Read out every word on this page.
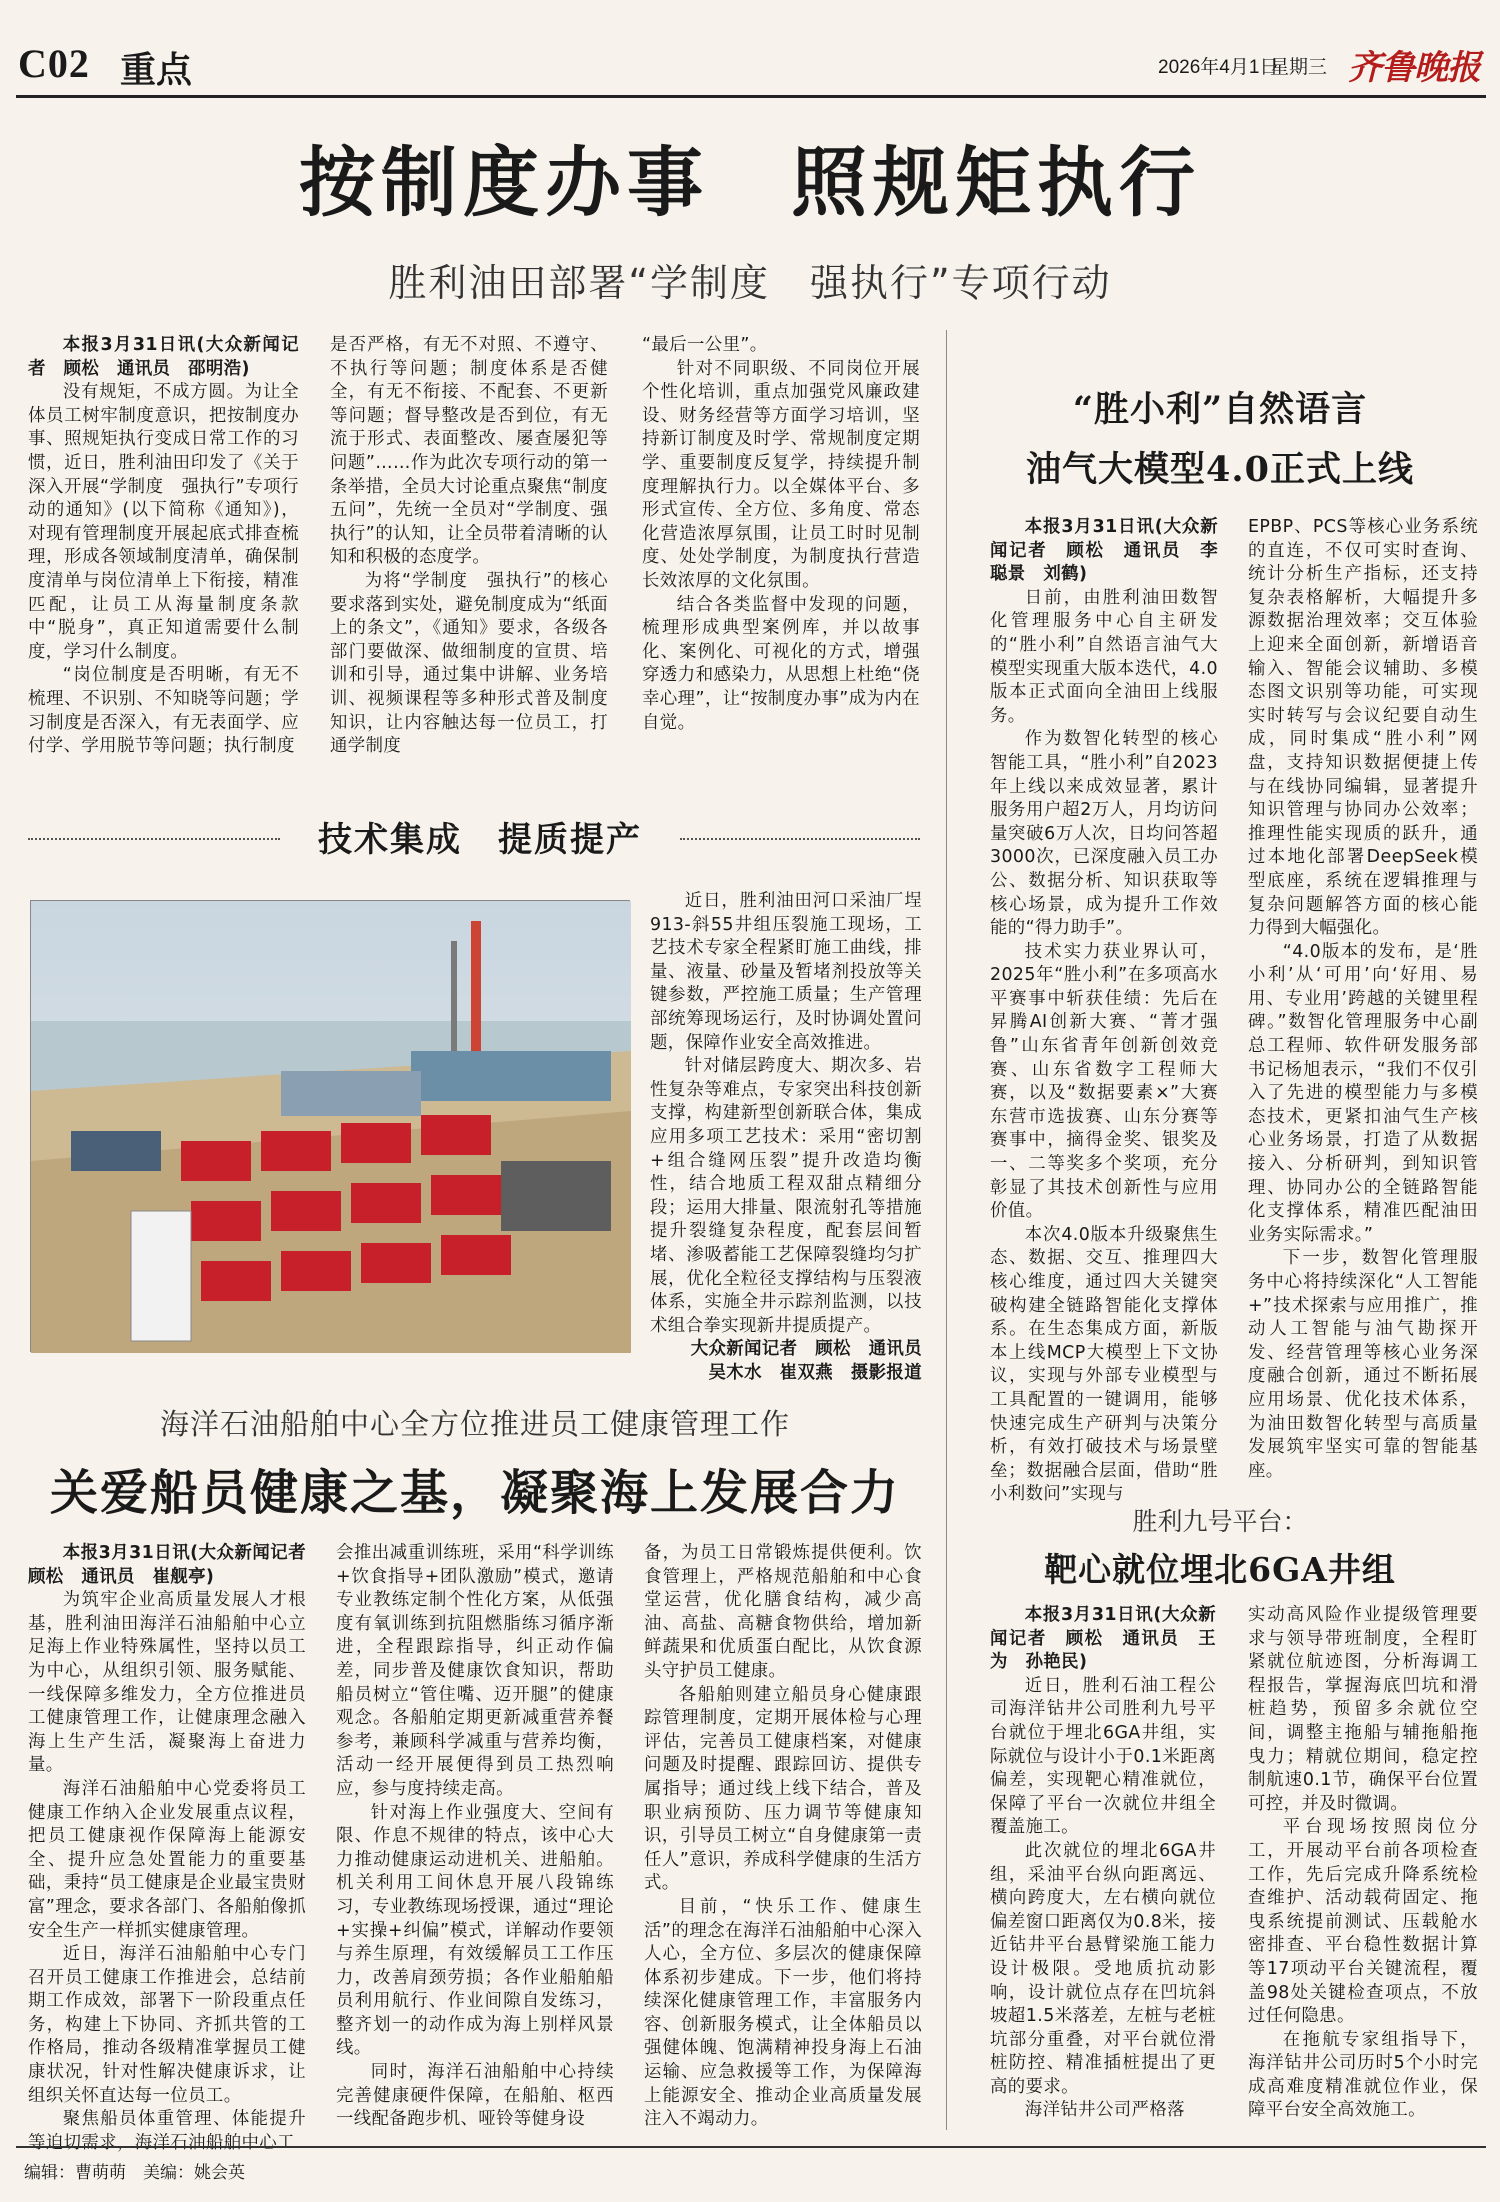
C02 重点	2026年4月1日
星期三 齐鲁晚报
按制度办事　照规矩执行
胜利油田部署“学制度　强执行”专项行动

本报3月31日讯(大众新闻记者　顾松　通讯员　邵明浩)

没有规矩，不成方圆。为让全体员工树牢制度意识，把按制度办事、照规矩执行变成日常工作的习惯，近日，胜利油田印发了《关于深入开展“学制度　强执行”专项行动的通知》(以下简称《通知》)，对现有管理制度开展起底式排查梳理，形成各领域制度清单，确保制度清单与岗位清单上下衔接，精准匹配，让员工从海量制度条款中“脱身”，真正知道需要什么制度，学习什么制度。

“岗位制度是否明晰，有无不梳理、不识别、不知晓等问题；学习制度是否深入，有无表面学、应付学、学用脱节等问题；执行制度

是否严格，有无不对照、不遵守、不执行等问题；制度体系是否健全，有无不衔接、不配套、不更新等问题；督导整改是否到位，有无流于形式、表面整改、屡查屡犯等问题”……作为此次专项行动的第一条举措，全员大讨论重点聚焦“制度五问”，先统一全员对“学制度、强执行”的认知，让全员带着清晰的认知和积极的态度学。

为将“学制度　强执行”的核心要求落到实处，避免制度成为“纸面上的条文”，《通知》要求，各级各部门要做深、做细制度的宣贯、培训和引导，通过集中讲解、业务培训、视频课程等多种形式普及制度知识，让内容触达每一位员工，打通学制度

“最后一公里”。

针对不同职级、不同岗位开展个性化培训，重点加强党风廉政建设、财务经营等方面学习培训，坚持新订制度及时学、常规制度定期学、重要制度反复学，持续提升制度理解执行力。以全媒体平台、多形式宣传、全方位、多角度、常态化营造浓厚氛围，让员工时时见制度、处处学制度，为制度执行营造长效浓厚的文化氛围。

结合各类监督中发现的问题，梳理形成典型案例库，并以故事化、案例化、可视化的方式，增强穿透力和感染力，从思想上杜绝“侥幸心理”，让“按制度办事”成为内在自觉。

技术集成　提质提产

近日，胜利油田河口采油厂埕913-斜55井组压裂施工现场，工艺技术专家全程紧盯施工曲线，排量、液量、砂量及暂堵剂投放等关键参数，严控施工质量；生产管理部统筹现场运行，及时协调处置问题，保障作业安全高效推进。

针对储层跨度大、期次多、岩性复杂等难点，专家突出科技创新支撑，构建新型创新联合体，集成应用多项工艺技术：采用“密切割+组合缝网压裂”提升改造均衡性，结合地质工程双甜点精细分段；运用大排量、限流射孔等措施提升裂缝复杂程度，配套层间暂堵、渗吸蓄能工艺保障裂缝均匀扩展，优化全粒径支撑结构与压裂液体系，实施全井示踪剂监测，以技术组合拳实现新井提质提产。

大众新闻记者　顾松　通讯员　吴木水　崔双燕　摄影报道

海洋石油船舶中心全方位推进员工健康管理工作
关爱船员健康之基，凝聚海上发展合力

本报3月31日讯(大众新闻记者　顾松　通讯员　崔舰亭)

为筑牢企业高质量发展人才根基，胜利油田海洋石油船舶中心立足海上作业特殊属性，坚持以员工为中心，从组织引领、服务赋能、一线保障多维发力，全方位推进员工健康管理工作，让健康理念融入海上生产生活，凝聚海上奋进力量。

海洋石油船舶中心党委将员工健康工作纳入企业发展重点议程，把员工健康视作保障海上能源安全、提升应急处置能力的重要基础，秉持“员工健康是企业最宝贵财富”理念，要求各部门、各船舶像抓安全生产一样抓实健康管理。

近日，海洋石油船舶中心专门召开员工健康工作推进会，总结前期工作成效，部署下一阶段重点任务，构建上下协同、齐抓共管的工作格局，推动各级精准掌握员工健康状况，针对性解决健康诉求，让组织关怀直达每一位员工。

聚焦船员体重管理、体能提升等迫切需求，海洋石油船舶中心工

会推出减重训练班，采用“科学训练+饮食指导+团队激励”模式，邀请专业教练定制个性化方案，从低强度有氧训练到抗阻燃脂练习循序渐进，全程跟踪指导，纠正动作偏差，同步普及健康饮食知识，帮助船员树立“管住嘴、迈开腿”的健康观念。各船舶定期更新减重营养餐参考，兼顾科学减重与营养均衡，活动一经开展便得到员工热烈响应，参与度持续走高。

针对海上作业强度大、空间有限、作息不规律的特点，该中心大力推动健康运动进机关、进船舶。机关利用工间休息开展八段锦练习，专业教练现场授课，通过“理论+实操+纠偏”模式，详解动作要领与养生原理，有效缓解员工工作压力，改善肩颈劳损；各作业船舶船员利用航行、作业间隙自发练习，整齐划一的动作成为海上别样风景线。

同时，海洋石油船舶中心持续完善健康硬件保障，在船舶、枢西一线配备跑步机、哑铃等健身设

备，为员工日常锻炼提供便利。饮食管理上，严格规范船舶和中心食堂运营，优化膳食结构，减少高油、高盐、高糖食物供给，增加新鲜蔬果和优质蛋白配比，从饮食源头守护员工健康。

各船舶则建立船员身心健康跟踪管理制度，定期开展体检与心理评估，完善员工健康档案，对健康问题及时提醒、跟踪回访、提供专属指导；通过线上线下结合，普及职业病预防、压力调节等健康知识，引导员工树立“自身健康第一责任人”意识，养成科学健康的生活方式。

目前，“快乐工作、健康生活”的理念在海洋石油船舶中心深入人心，全方位、多层次的健康保障体系初步建成。下一步，他们将持续深化健康管理工作，丰富服务内容、创新服务模式，让全体船员以强健体魄、饱满精神投身海上石油运输、应急救援等工作，为保障海上能源安全、推动企业高质量发展注入不竭动力。

“胜小利”自然语言
油气大模型4.0正式上线

本报3月31日讯(大众新闻记者　顾松　通讯员　李聪景　刘鹤)

日前，由胜利油田数智化管理服务中心自主研发的“胜小利”自然语言油气大模型实现重大版本迭代，4.0版本正式面向全油田上线服务。

作为数智化转型的核心智能工具，“胜小利”自2023年上线以来成效显著，累计服务用户超2万人，月均访问量突破6万人次，日均问答超3000次，已深度融入员工办公、数据分析、知识获取等核心场景，成为提升工作效能的“得力助手”。

技术实力获业界认可，2025年“胜小利”在多项高水平赛事中斩获佳绩：先后在昇腾AI创新大赛、“菁才强鲁”山东省青年创新创效竞赛、山东省数字工程师大赛，以及“数据要素×”大赛东营市选拔赛、山东分赛等赛事中，摘得金奖、银奖及一、二等奖多个奖项，充分彰显了其技术创新性与应用价值。

本次4.0版本升级聚焦生态、数据、交互、推理四大核心维度，通过四大关键突破构建全链路智能化支撑体系。在生态集成方面，新版本上线MCP大模型上下文协议，实现与外部专业模型与工具配置的一键调用，能够快速完成生产研判与决策分析，有效打破技术与场景壁垒；数据融合层面，借助“胜小利数问”实现与

EPBP、PCS等核心业务系统的直连，不仅可实时查询、统计分析生产指标，还支持复杂表格解析，大幅提升多源数据治理效率；交互体验上迎来全面创新，新增语音输入、智能会议辅助、多模态图文识别等功能，可实现实时转写与会议纪要自动生成，同时集成“胜小利”网盘，支持知识数据便捷上传与在线协同编辑，显著提升知识管理与协同办公效率；推理性能实现质的跃升，通过本地化部署DeepSeek模型底座，系统在逻辑推理与复杂问题解答方面的核心能力得到大幅强化。

“4.0版本的发布，是‘胜小利’从‘可用’向‘好用、易用、专业用’跨越的关键里程碑。”数智化管理服务中心副总工程师、软件研发服务部书记杨旭表示，“我们不仅引入了先进的模型能力与多模态技术，更紧扣油气生产核心业务场景，打造了从数据接入、分析研判，到知识管理、协同办公的全链路智能化支撑体系，精准匹配油田业务实际需求。”

下一步，数智化管理服务中心将持续深化“人工智能+”技术探索与应用推广，推动人工智能与油气勘探开发、经营管理等核心业务深度融合创新，通过不断拓展应用场景、优化技术体系，为油田数智化转型与高质量发展筑牢坚实可靠的智能基座。

胜利九号平台：
靶心就位埋北6GA井组

本报3月31日讯(大众新闻记者　顾松　通讯员　王为　孙艳民)

近日，胜利石油工程公司海洋钻井公司胜利九号平台就位于埋北6GA井组，实际就位与设计小于0.1米距离偏差，实现靶心精准就位，保障了平台一次就位井组全覆盖施工。

此次就位的埋北6GA井组，采油平台纵向距离远、横向跨度大，左右横向就位偏差窗口距离仅为0.8米，接近钻井平台悬臂梁施工能力设计极限。受地质抗动影响，设计就位点存在凹坑斜坡超1.5米落差，左桩与老桩坑部分重叠，对平台就位滑桩防控、精准插桩提出了更高的要求。

海洋钻井公司严格落

实动高风险作业提级管理要求与领导带班制度，全程盯紧就位航迹图，分析海调工程报告，掌握海底凹坑和滑桩趋势，预留多余就位空间，调整主拖船与辅拖船拖曳力；精就位期间，稳定控制航速0.1节，确保平台位置可控，并及时微调。

平台现场按照岗位分工，开展动平台前各项检查工作，先后完成升降系统检查维护、活动载荷固定、拖曳系统提前测试、压载舱水密排查、平台稳性数据计算等17项动平台关键流程，覆盖98处关键检查项点，不放过任何隐患。

在拖航专家组指导下，海洋钻井公司历时5个小时完成高难度精准就位作业，保障平台安全高效施工。

编辑：曹萌萌　美编：姚会英
